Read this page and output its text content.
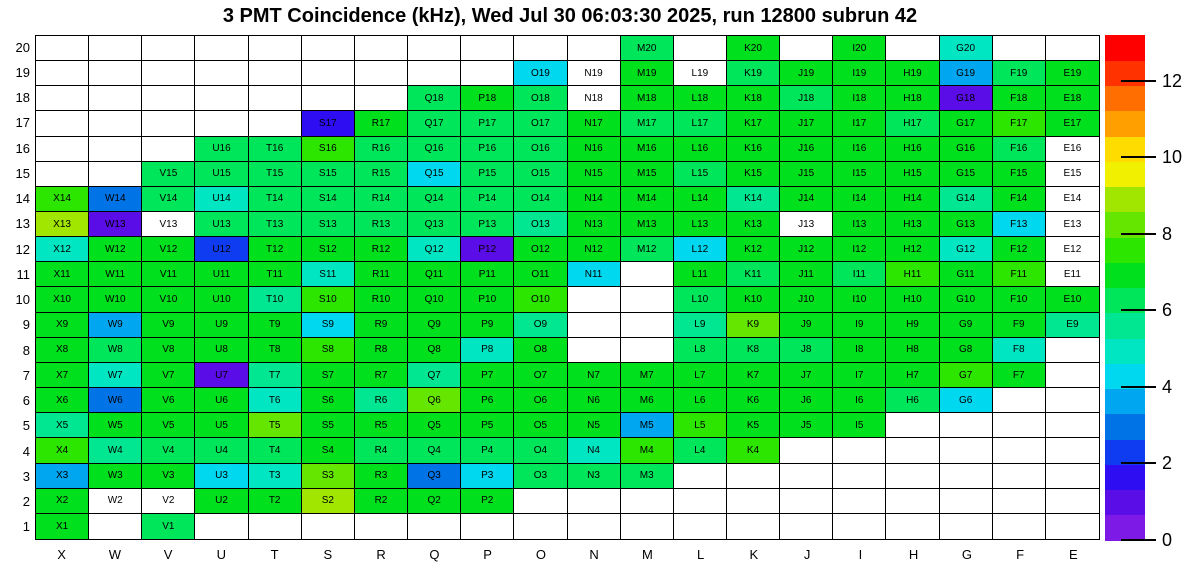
3 PMT Coincidence (kHz), Wed Jul 30 06:03:30 2025, run 12800 subrun 42
M20	K20	I20	G20
O19	N19	M19	L19	K19	J19	I19	H19	G19	F19	E19
Q18	P18	O18	N18	M18	L18	K18	J18	I18	H18	G18	F18	E18
S17	R17	Q17	P17	O17	N17	M17	L17	K17	J17	I17	H17	G17	F17	E17
U16	T16	S16	R16	Q16	P16	O16	N16	M16	L16	K16	J16	I16	H16	G16	F16	E16
V15	U15	T15	S15	R15	Q15	P15	O15	N15	M15	L15	K15	J15	I15	H15	G15	F15	E15
X14	W14	V14	U14	T14	S14	R14	Q14	P14	O14	N14	M14	L14	K14	J14	I14	H14	G14	F14	E14
X13	W13	V13	U13	T13	S13	R13	Q13	P13	O13	N13	M13	L13	K13	J13	I13	H13	G13	F13	E13
X12	W12	V12	U12	T12	S12	R12	Q12	P12	O12	N12	M12	L12	K12	J12	I12	H12	G12	F12	E12
X11	W11	V11	U11	T11	S11	R11	Q11	P11	O11	N11	L11	K11	J11	I11	H11	G11	F11	E11
X10	W10	V10	U10	T10	S10	R10	Q10	P10	O10	L10	K10	J10	I10	H10	G10	F10	E10
X9	W9	V9	U9	T9	S9	R9	Q9	P9	O9	L9	K9	J9	I9	H9	G9	F9	E9
X8	W8	V8	U8	T8	S8	R8	Q8	P8	O8	L8	K8	J8	I8	H8	G8	F8
X7	W7	V7	U7	T7	S7	R7	Q7	P7	O7	N7	M7	L7	K7	J7	I7	H7	G7	F7
X6	W6	V6	U6	T6	S6	R6	Q6	P6	O6	N6	M6	L6	K6	J6	I6	H6	G6
X5	W5	V5	U5	T5	S5	R5	Q5	P5	O5	N5	M5	L5	K5	J5	I5
X4	W4	V4	U4	T4	S4	R4	Q4	P4	O4	N4	M4	L4	K4
X3	W3	V3	U3	T3	S3	R3	Q3	P3	O3	N3	M3
X2	W2	V2	U2	T2	S2	R2	Q2	P2
X1	V1
20
19
18
17
16
15
14
13
12
11
10
9
8
7
6
5
4
3
2
1
X	W	V	U	T	S	R	Q	P	O	N	M	L	K	J	I	H	G	F	E
0
2
4
6
8
10
12
